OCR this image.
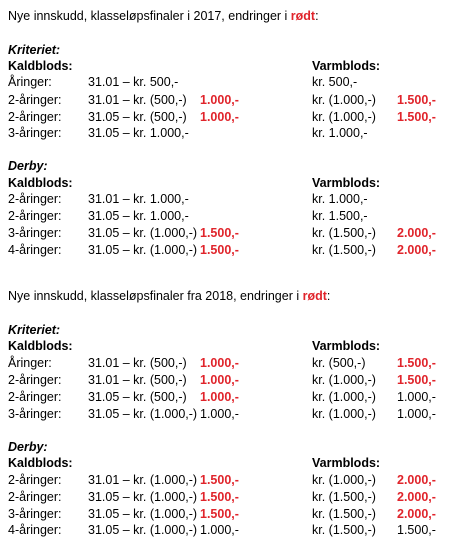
Nye innskudd, klasseløpsfinaler i 2017, endringer i rødt:
Kriteriet:
Kaldblods:	Varmblods:
Åringer:	31.01 – kr. 500,-	kr. 500,-
2-åringer: 31.01 – kr. (500,-) 1.000,-	kr. (1.000,-) 1.500,-
2-åringer: 31.05 – kr. (500,-) 1.000,-	kr. (1.000,-) 1.500,-
3-åringer: 31.05 – kr. 1.000,-	kr. 1.000,-
Derby:
Kaldblods:	Varmblods:
2-åringer: 31.01 – kr. 1.000,-	kr. 1.000,-
2-åringer: 31.05 – kr. 1.000,-	kr. 1.500,-
3-åringer: 31.05 – kr. (1.000,-) 1.500,-	kr. (1.500,-) 2.000,-
4-åringer: 31.05 – kr. (1.000,-) 1.500,-	kr. (1.500,-) 2.000,-
Nye innskudd, klasseløpsfinaler fra 2018, endringer i rødt:
Kriteriet:
Kaldblods:	Varmblods:
Åringer:	31.01 – kr. (500,-) 1.000,-	kr. (500,-)	1.500,-
2-åringer: 31.01 – kr. (500,-) 1.000,-	kr. (1.000,-) 1.500,-
2-åringer: 31.05 – kr. (500,-) 1.000,-	kr. (1.000,-) 1.000,-
3-åringer: 31.05 – kr. (1.000,-) 1.000,-	kr. (1.000,-) 1.000,-
Derby:
Kaldblods:	Varmblods:
2-åringer: 31.01 – kr. (1.000,-) 1.500,-	kr. (1.000,-) 2.000,-
2-åringer: 31.05 – kr. (1.000,-) 1.500,-	kr. (1.500,-) 2.000,-
3-åringer: 31.05 – kr. (1.000,-) 1.500,-	kr. (1.500,-) 2.000,-
4-åringer: 31.05 – kr. (1.000,-) 1.000,-	kr. (1.500,-) 1.500,-
